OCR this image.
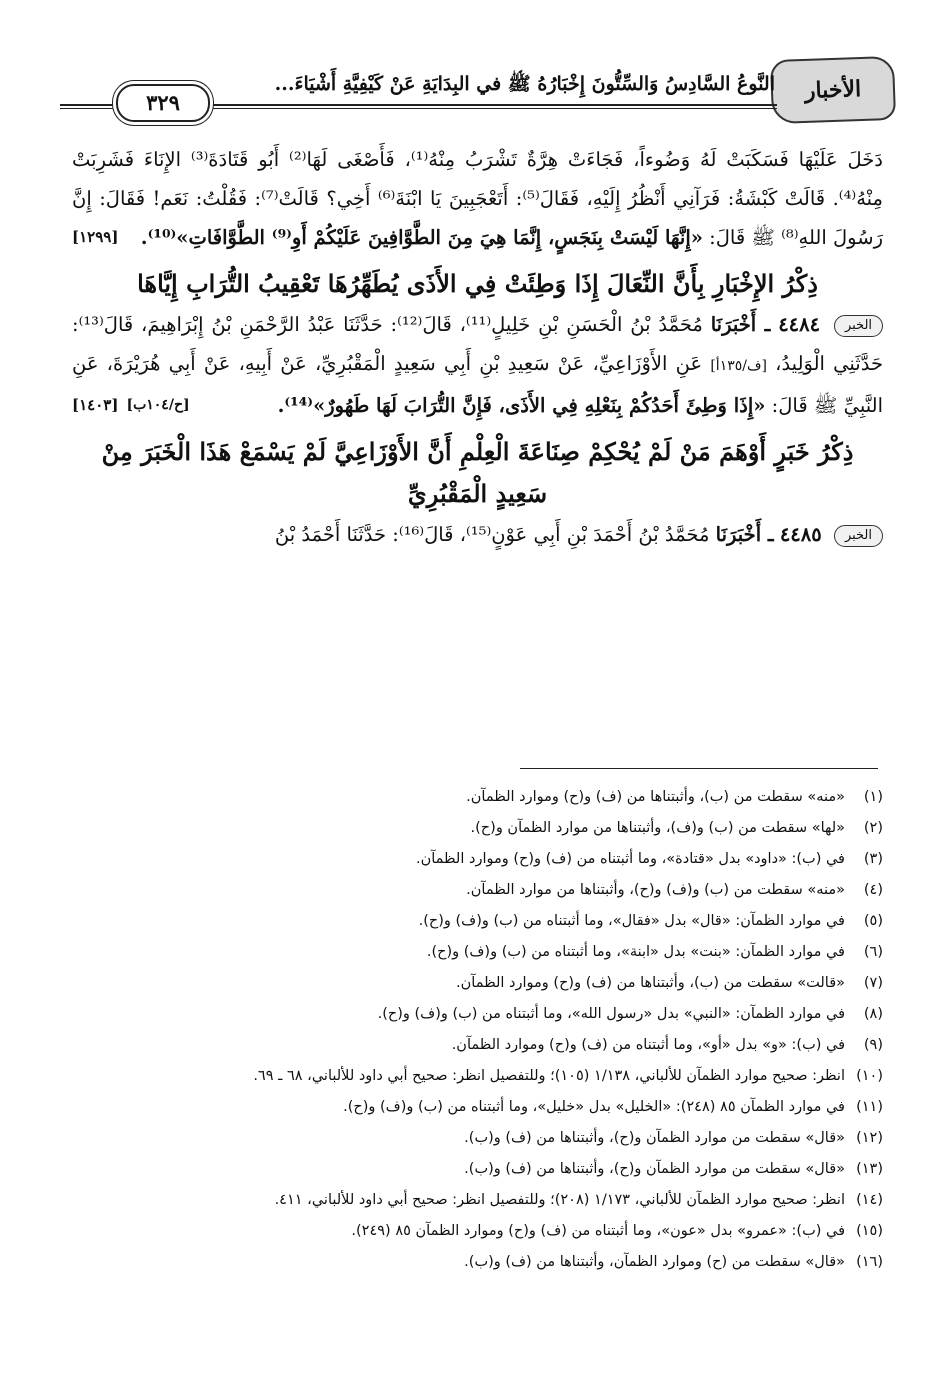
الأخبار
النَّوعُ السَّادِسُ وَالسِّتُّونَ إِخْبَارُهُ ﷺ في البِدَايَةِ عَنْ كَيْفِيَّةِ أَشْيَاءَ...
٣٢٩

دَخَلَ عَلَيْهَا فَسَكَبَتْ لَهُ وَضُوءاً، فَجَاءَتْ هِرَّةٌ تَشْرَبُ مِنْهُ⁽¹⁾، فَأَصْغَى لَهَا⁽²⁾ أَبُو قَتَادَةَ⁽³⁾ الإِنَاءَ فَشَرِبَتْ مِنْهُ⁽⁴⁾. قَالَتْ كَبْشَةُ: فَرَآنِي أَنْظُرُ إِلَيْهِ، فَقَالَ⁽⁵⁾: أَتَعْجَبِينَ يَا ابْنَةَ⁽⁶⁾ أَخِي؟ قَالَتْ⁽⁷⁾: فَقُلْتُ: نَعَم! فَقَالَ: إِنَّ رَسُولَ اللهِ⁽⁸⁾ ﷺ قَالَ: «إِنَّهَا لَيْسَتْ بِنَجَسٍ، إِنَّمَا هِيَ مِنَ الطَّوَّافِينَ عَلَيْكُمْ أَوِ⁽⁹⁾ الطَّوَّافَاتِ»⁽¹⁰⁾.
[١٢٩٩]

ذِكْرُ الإِخْبَارِ بِأَنَّ النِّعَالَ إِذَا وَطِئَتْ فِي الأَذَى يُطَهِّرُهَا تَعْقِيبُ التُّرَابِ إِيَّاهَا

الخبر ٤٤٨٤ ـ أَخْبَرَنَا مُحَمَّدُ بْنُ الْحَسَنِ بْنِ خَلِيلٍ⁽¹¹⁾، قَالَ⁽¹²⁾: حَدَّثَنَا عَبْدُ الرَّحْمَنِ بْنُ إِبْرَاهِيمَ، قَالَ⁽¹³⁾: حَدَّثَنِي الْوَلِيدُ، [ف/١٣٥أ] عَنِ الأَوْزَاعِيِّ، عَنْ سَعِيدِ بْنِ أَبِي سَعِيدٍ الْمَقْبُرِيِّ، عَنْ أَبِيهِ، عَنْ أَبِي هُرَيْرَةَ، عَنِ النَّبِيِّ ﷺ قَالَ: «إِذَا وَطِئَ أَحَدُكُمْ بِنَعْلِهِ فِي الأَذَى، فَإِنَّ التُّرَابَ لَهَا طَهُورٌ»⁽¹⁴⁾.
[١٤٠٣] [ح/١٠٤ب]

ذِكْرُ خَبَرٍ أَوْهَمَ مَنْ لَمْ يُحْكِمْ صِنَاعَةَ الْعِلْمِ أَنَّ الأَوْزَاعِيَّ لَمْ يَسْمَعْ هَذَا الْخَبَرَ مِنْ سَعِيدٍ الْمَقْبُرِيِّ

الخبر ٤٤٨٥ ـ أَخْبَرَنَا مُحَمَّدُ بْنُ أَحْمَدَ بْنِ أَبِي عَوْنٍ⁽¹⁵⁾، قَالَ⁽¹⁶⁾: حَدَّثَنَا أَحْمَدُ بْنُ

(١)
«منه» سقطت من (ب)، وأثبتناها من (ف) و(ح) وموارد الظمآن.
(٢)
«لها» سقطت من (ب) و(ف)، وأثبتناها من موارد الظمآن و(ح).
(٣)
في (ب): «داود» بدل «قتادة»، وما أثبتناه من (ف) و(ح) وموارد الظمآن.
(٤)
«منه» سقطت من (ب) و(ف) و(ح)، وأثبتناها من موارد الظمآن.
(٥)
في موارد الظمآن: «قال» بدل «فقال»، وما أثبتناه من (ب) و(ف) و(ح).
(٦)
في موارد الظمآن: «بنت» بدل «ابنة»، وما أثبتناه من (ب) و(ف) و(ح).
(٧)
«قالت» سقطت من (ب)، وأثبتناها من (ف) و(ح) وموارد الظمآن.
(٨)
في موارد الظمآن: «النبي» بدل «رسول الله»، وما أثبتناه من (ب) و(ف) و(ح).
(٩)
في (ب): «و» بدل «أو»، وما أثبتناه من (ف) و(ح) وموارد الظمآن.
(١٠)
انظر: صحيح موارد الظمآن للألباني، ١/١٣٨ (١٠٥)؛ وللتفصيل انظر: صحيح أبي داود للألباني، ٦٨ ـ ٦٩.
(١١)
في موارد الظمآن ٨٥ (٢٤٨): «الخليل» بدل «خليل»، وما أثبتناه من (ب) و(ف) و(ح).
(١٢)
«قال» سقطت من موارد الظمآن و(ح)، وأثبتناها من (ف) و(ب).
(١٣)
«قال» سقطت من موارد الظمآن و(ح)، وأثبتناها من (ف) و(ب).
(١٤)
انظر: صحيح موارد الظمآن للألباني، ١/١٧٣ (٢٠٨)؛ وللتفصيل انظر: صحيح أبي داود للألباني، ٤١١.
(١٥)
في (ب): «عمرو» بدل «عون»، وما أثبتناه من (ف) و(ح) وموارد الظمآن ٨٥ (٢٤٩).
(١٦)
«قال» سقطت من (ح) وموارد الظمآن، وأثبتناها من (ف) و(ب).
